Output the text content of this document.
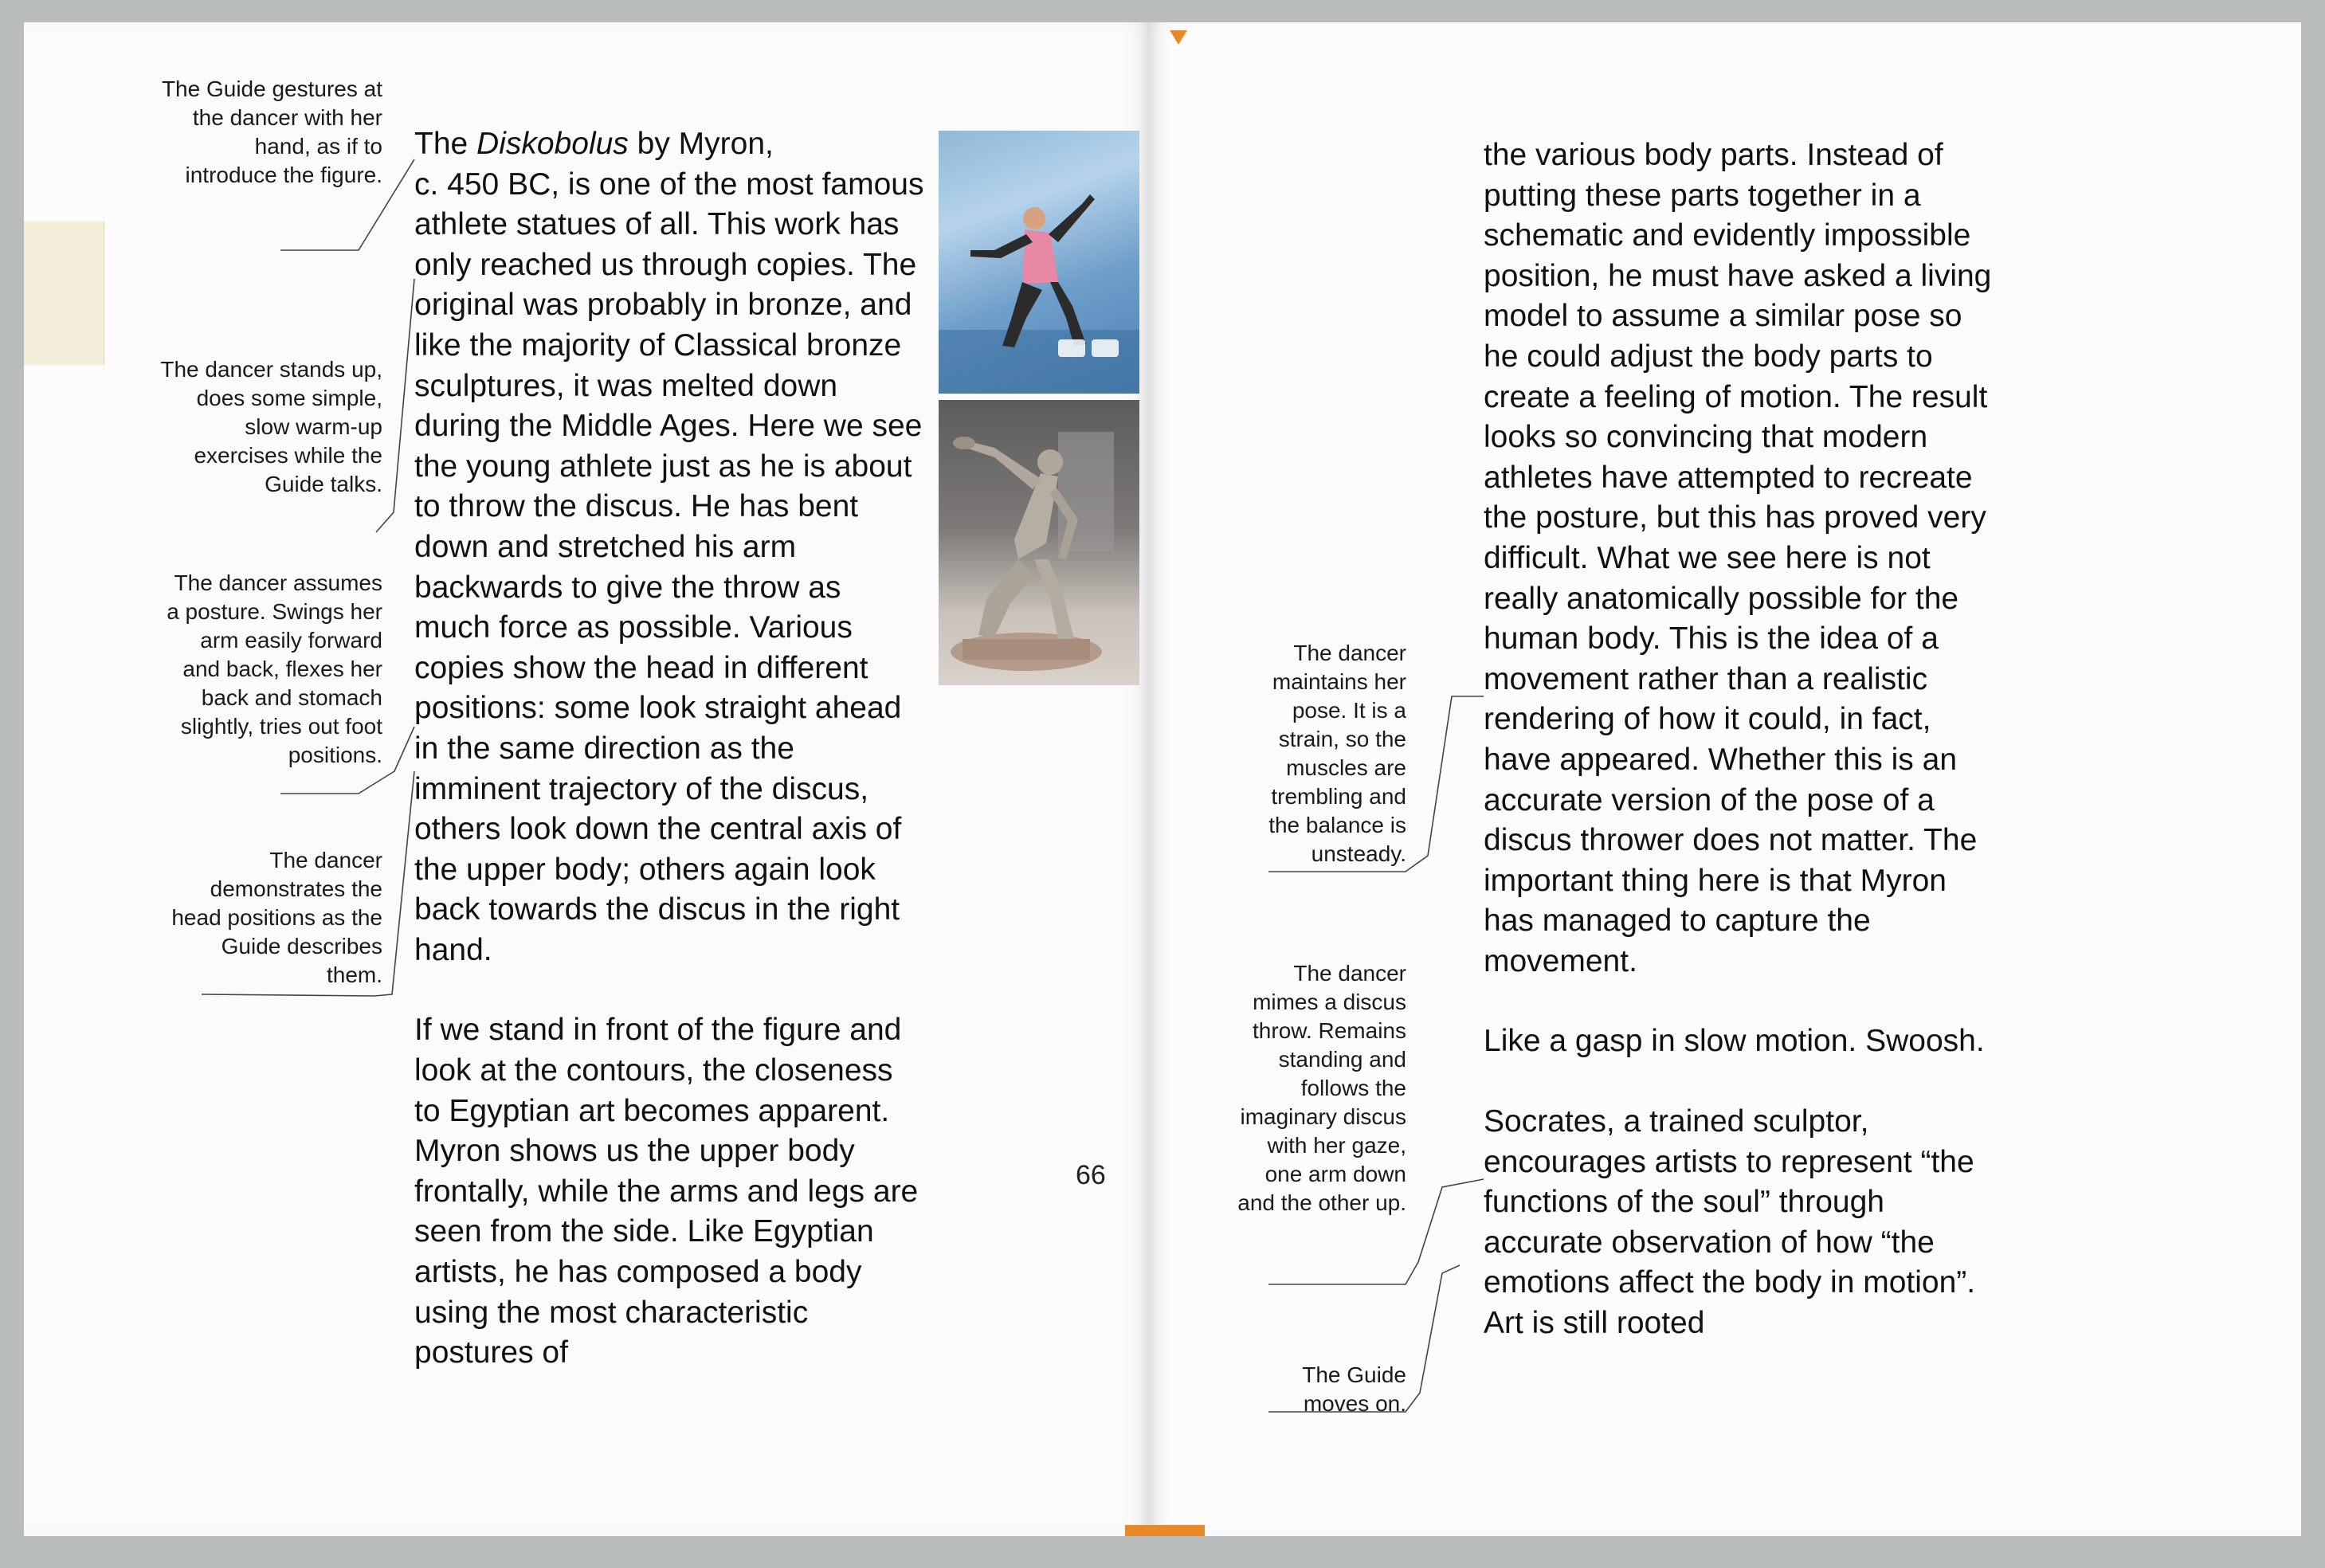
The Guide gestures at the dancer with her hand, as if to introduce the figure.
The dancer stands up, does some simple, slow warm-up exercises while the Guide talks.
The dancer assumes a posture. Swings her arm easily forward and back, flexes her back and stomach slightly, tries out foot positions.
The dancer demonstrates the head positions as the Guide describes them.

The Diskobolus by Myron,

c. 450 BC, is one of the most famous athlete statues of all. This work has only reached us through copies. The original was probably in bronze, and like the majority of Classical bronze sculptures, it was melted down during the Middle Ages. Here we see the young athlete just as he is about to throw the discus. He has bent down and stretched his arm backwards to give the throw as much force as possible. Various copies show the head in different positions: some look straight ahead in the same direction as the imminent trajectory of the discus, others look down the central axis of the upper body; others again look back towards the discus in the right hand.

If we stand in front of the figure and look at the contours, the closeness to Egyptian art becomes apparent. Myron shows us the upper body frontally, while the arms and legs are seen from the side. Like Egyptian artists, he has composed a body using the most characteristic postures of

66
The dancer maintains her pose. It is a strain, so the muscles are trembling and the balance is unsteady.
The dancer mimes a discus throw. Remains standing and follows the imaginary discus with her gaze, one arm down and the other up.
The Guide moves on.

the various body parts. Instead of putting these parts together in a schematic and evidently impossible position, he must have asked a living model to assume a similar pose so he could adjust the body parts to create a feeling of motion. The result looks so convincing that modern athletes have attempted to recreate the posture, but this has proved very difficult. What we see here is not really anatomically possible for the human body. This is the idea of a movement rather than a realistic rendering of how it could, in fact, have appeared. Whether this is an accurate version of the pose of a discus thrower does not matter. The important thing here is that Myron has managed to capture the movement.

Like a gasp in slow motion. Swoosh.

Socrates, a trained sculptor, encourages artists to represent “the functions of the soul” through accurate observation of how “the emotions affect the body in motion”. Art is still rooted
